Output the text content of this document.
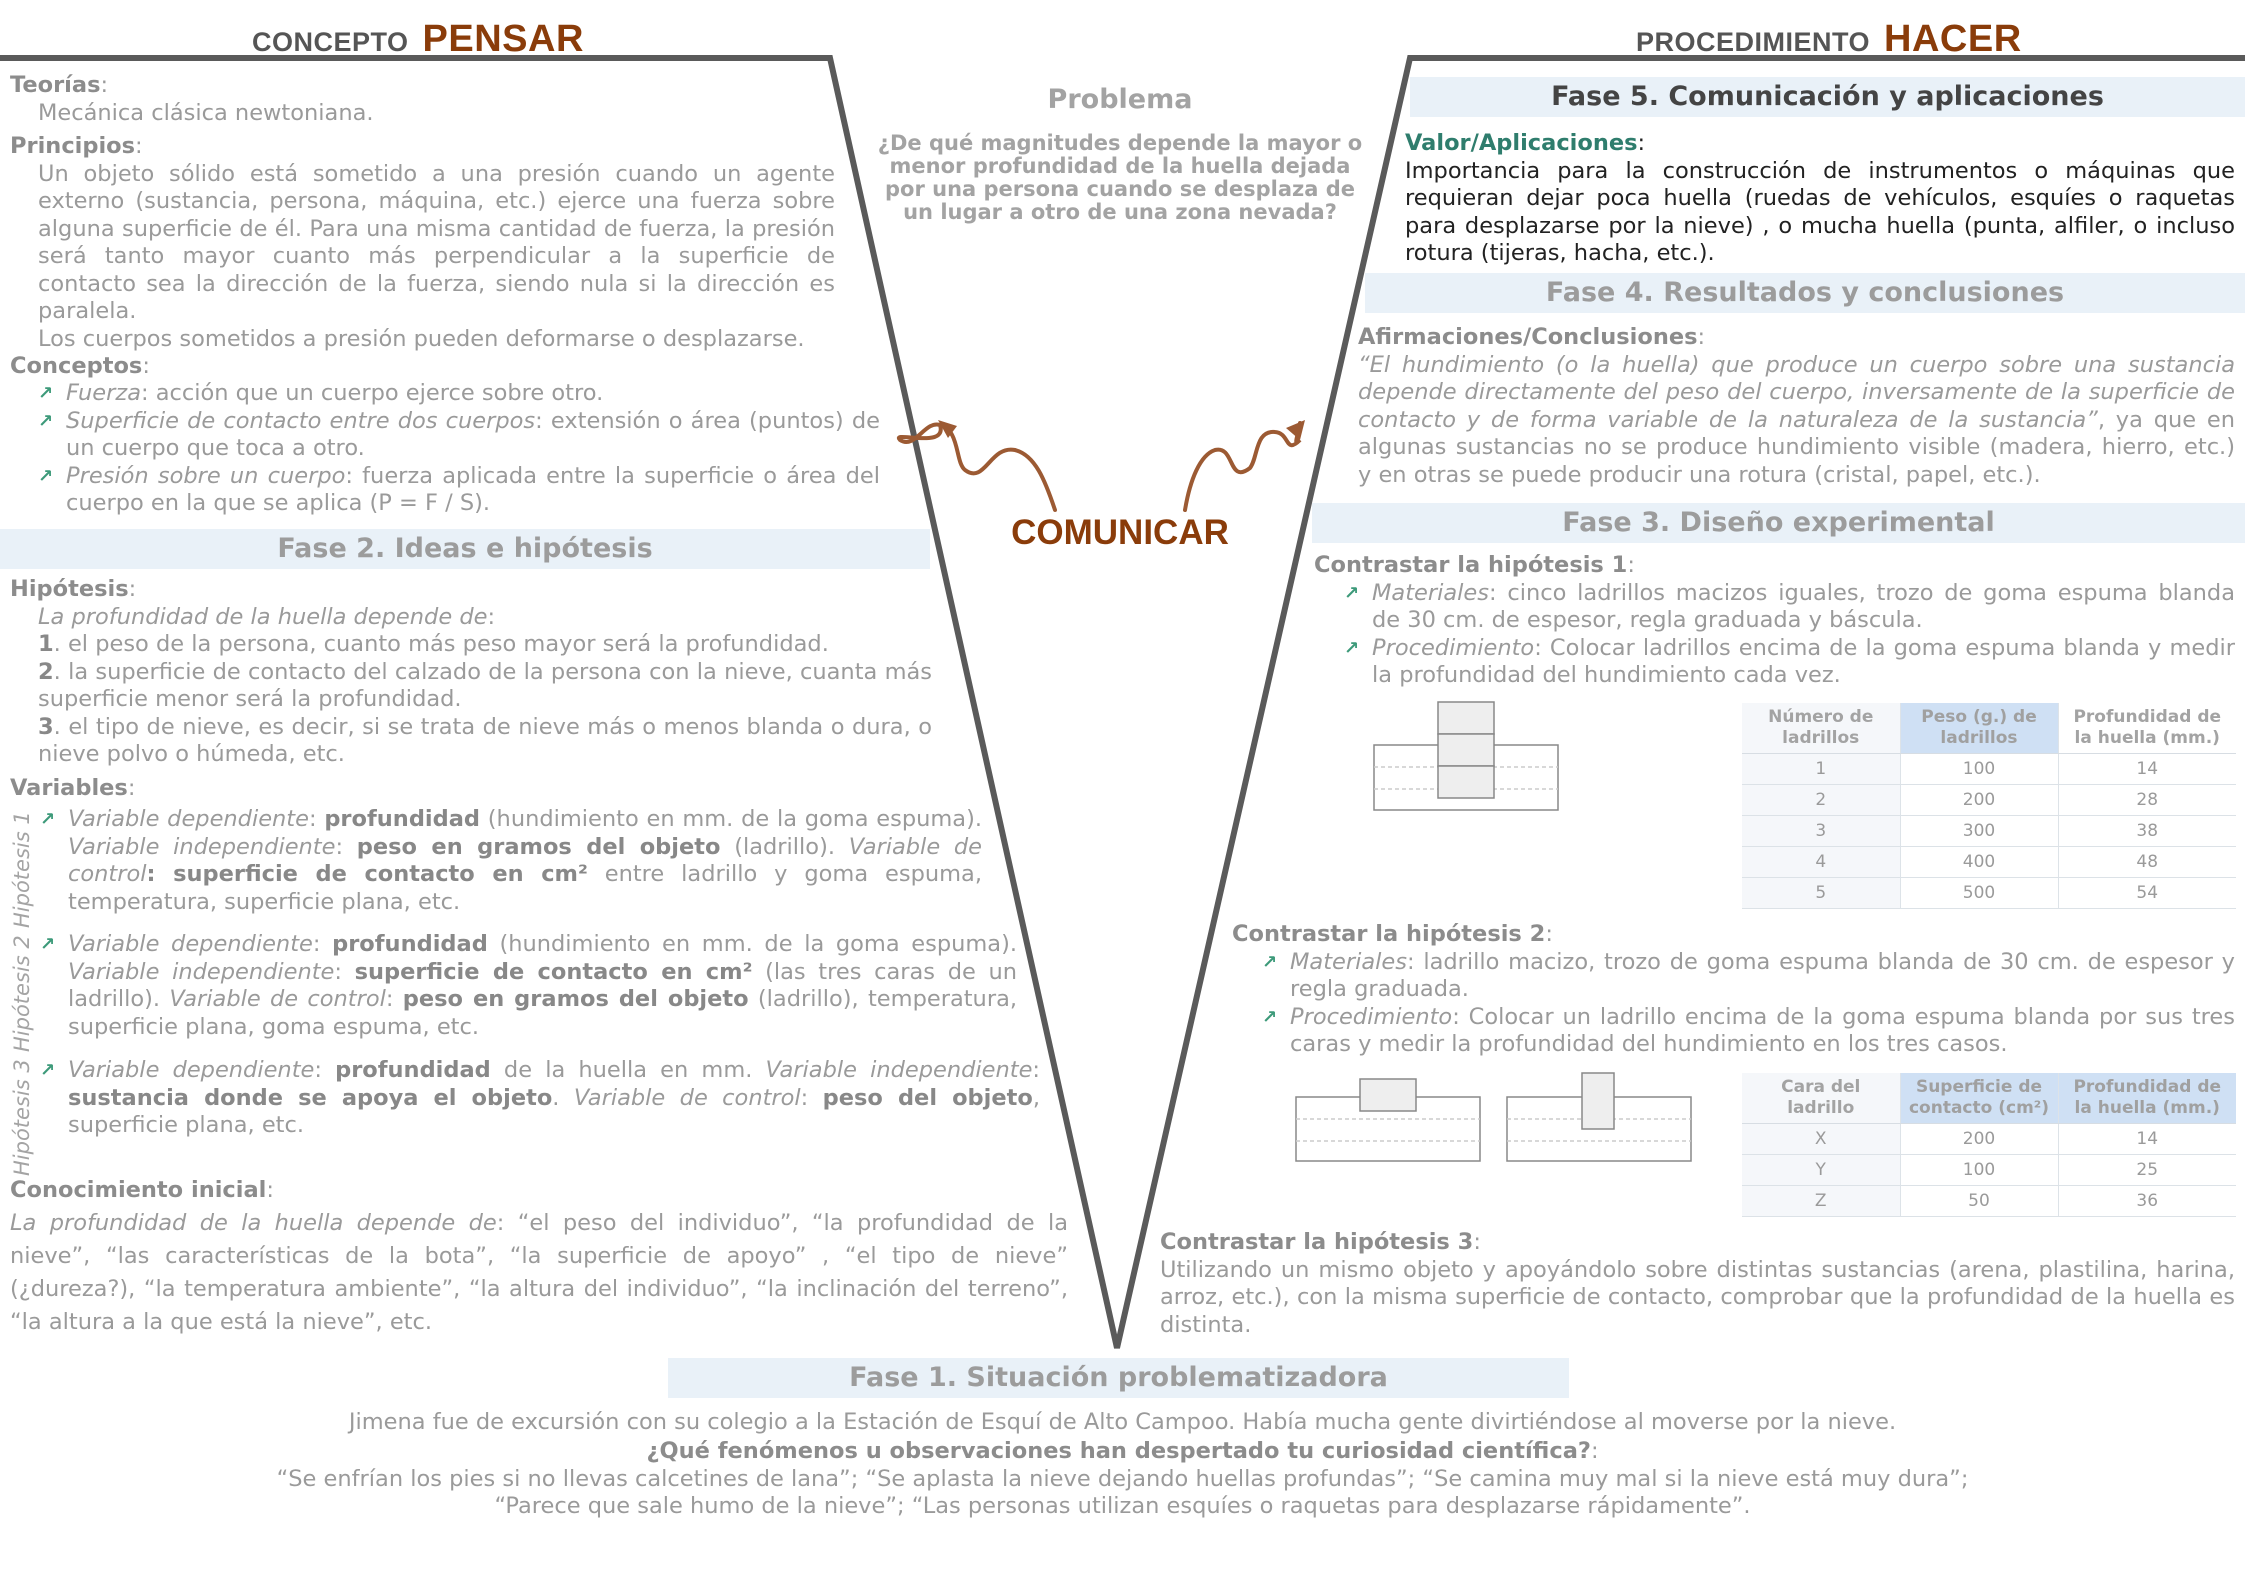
CONCEPTO PENSAR	PROCEDIMIENTO HACER
Problema
¿De qué magnitudes depende la mayor o menor profundidad de la huella dejada por una persona cuando se desplaza de un lugar a otro de una zona nevada?
COMUNICAR
Teorías:
Mecánica clásica newtoniana.
Principios:
Un objeto sólido está sometido a una presión cuando un agente externo (sustancia, persona, máquina, etc.) ejerce una fuerza sobre alguna superficie de él. Para una misma cantidad de fuerza, la presión será tanto mayor cuanto más perpendicular a la superficie de contacto sea la dirección de la fuerza, siendo nula si la dirección es paralela.
Los cuerpos sometidos a presión pueden deformarse o desplazarse.
Conceptos:
↗ Fuerza: acción que un cuerpo ejerce sobre otro.
↗ Superficie de contacto entre dos cuerpos: extensión o área (puntos) de un cuerpo que toca a otro.
↗ Presión sobre un cuerpo: fuerza aplicada entre la superficie o área del cuerpo en la que se aplica (P = F / S).
Fase 2. Ideas e hipótesis
Hipótesis:
La profundidad de la huella depende de:
1. el peso de la persona, cuanto más peso mayor será la profundidad.
2. la superficie de contacto del calzado de la persona con la nieve, cuanta más superficie menor será la profundidad.
3. el tipo de nieve, es decir, si se trata de nieve más o menos blanda o dura, o nieve polvo o húmeda, etc.
Variables:
Hipótesis 1
Hipótesis 2
Hipótesis 3
↗ Variable dependiente: profundidad (hundimiento en mm. de la goma espuma). Variable independiente: peso en gramos del objeto (ladrillo). Variable de control: superficie de contacto en cm² entre ladrillo y goma espuma, temperatura, superficie plana, etc.
↗ Variable dependiente: profundidad (hundimiento en mm. de la goma espuma). Variable independiente: superficie de contacto en cm² (las tres caras de un ladrillo). Variable de control: peso en gramos del objeto (ladrillo), temperatura, superficie plana, goma espuma, etc.
↗ Variable dependiente: profundidad de la huella en mm. Variable independiente: sustancia donde se apoya el objeto. Variable de control: peso del objeto, superficie plana, etc.
Conocimiento inicial:
La profundidad de la huella depende de: “el peso del individuo”, “la profundidad de la nieve”, “las características de la bota”, “la superficie de apoyo” , “el tipo de nieve” (¿dureza?), “la temperatura ambiente”, “la altura del individuo”, “la inclinación del terreno”, “la altura a la que está la nieve”, etc.
Fase 5. Comunicación y aplicaciones
Valor/Aplicaciones:
Importancia para la construcción de instrumentos o máquinas que requieran dejar poca huella (ruedas de vehículos, esquíes o raquetas para desplazarse por la nieve) , o mucha huella (punta, alfiler, o incluso rotura (tijeras, hacha, etc.).
Fase 4. Resultados y conclusiones
Afirmaciones/Conclusiones:
“El hundimiento (o la huella) que produce un cuerpo sobre una sustancia depende directamente del peso del cuerpo, inversamente de la superficie de contacto y de forma variable de la naturaleza de la sustancia”, ya que en algunas sustancias no se produce hundimiento visible (madera, hierro, etc.) y en otras se puede producir una rotura (cristal, papel, etc.).
Fase 3. Diseño experimental
Contrastar la hipótesis 1:
↗ Materiales: cinco ladrillos macizos iguales, trozo de goma espuma blanda de 30 cm. de espesor, regla graduada y báscula.
↗ Procedimiento: Colocar ladrillos encima de la goma espuma blanda y medir la profundidad del hundimiento cada vez.
Número de ladrillos	Peso (g.) de ladrillos	Profundidad de la huella (mm.)
1	100	14
2	200	28
3	300	38
4	400	48
5	500	54
Contrastar la hipótesis 2:
↗ Materiales: ladrillo macizo, trozo de goma espuma blanda de 30 cm. de espesor y regla graduada.
↗ Procedimiento: Colocar un ladrillo encima de la goma espuma blanda por sus tres caras y medir la profundidad del hundimiento en los tres casos.
Cara del ladrillo	Superficie de contacto (cm²)	Profundidad de la huella (mm.)
X	200	14
Y	100	25
Z	50	36
Contrastar la hipótesis 3:
Utilizando un mismo objeto y apoyándolo sobre distintas sustancias (arena, plastilina, harina, arroz, etc.), con la misma superficie de contacto, comprobar que la profundidad de la huella es distinta.
Fase 1. Situación problematizadora
Jimena fue de excursión con su colegio a la Estación de Esquí de Alto Campoo. Había mucha gente divirtiéndose al moverse por la nieve.
¿Qué fenómenos u observaciones han despertado tu curiosidad científica?:
“Se enfrían los pies si no llevas calcetines de lana”; “Se aplasta la nieve dejando huellas profundas”; “Se camina muy mal si la nieve está muy dura”;
“Parece que sale humo de la nieve”; “Las personas utilizan esquíes o raquetas para desplazarse rápidamente”.
